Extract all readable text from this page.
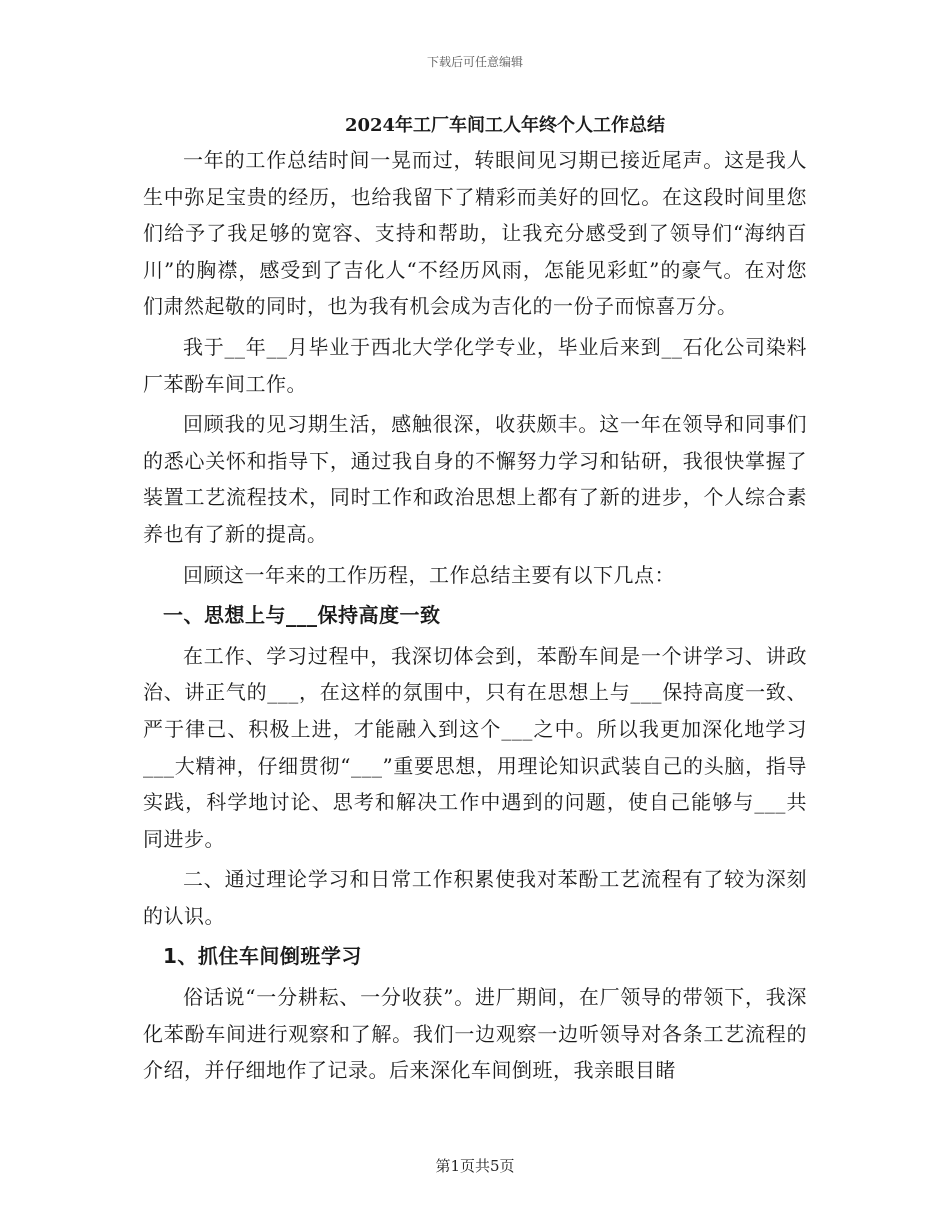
下载后可任意编辑
2024年工厂车间工人年终个人工作总结

一年的工作总结时间一晃而过，转眼间见习期已接近尾声。这是我人生中弥足宝贵的经历，也给我留下了精彩而美好的回忆。在这段时间里您们给予了我足够的宽容、支持和帮助，让我充分感受到了领导们“海纳百川”的胸襟，感受到了吉化人“不经历风雨，怎能见彩虹”的豪气。在对您们肃然起敬的同时，也为我有机会成为吉化的一份子而惊喜万分。

我于__年__月毕业于西北大学化学专业，毕业后来到__石化公司染料厂苯酚车间工作。

回顾我的见习期生活，感触很深，收获颇丰。这一年在领导和同事们的悉心关怀和指导下，通过我自身的不懈努力学习和钻研，我很快掌握了装置工艺流程技术，同时工作和政治思想上都有了新的进步，个人综合素养也有了新的提高。

回顾这一年来的工作历程，工作总结主要有以下几点：

一、思想上与___保持高度一致

在工作、学习过程中，我深切体会到，苯酚车间是一个讲学习、讲政治、讲正气的___，在这样的氛围中，只有在思想上与___保持高度一致、严于律己、积极上进，才能融入到这个___之中。所以我更加深化地学习___大精神，仔细贯彻“___”重要思想，用理论知识武装自己的头脑，指导实践，科学地讨论、思考和解决工作中遇到的问题，使自己能够与___共同进步。

二、通过理论学习和日常工作积累使我对苯酚工艺流程有了较为深刻的认识。

1、抓住车间倒班学习

俗话说“一分耕耘、一分收获”。进厂期间，在厂领导的带领下，我深化苯酚车间进行观察和了解。我们一边观察一边听领导对各条工艺流程的介绍，并仔细地作了记录。后来深化车间倒班，我亲眼目睹

第1页共5页
